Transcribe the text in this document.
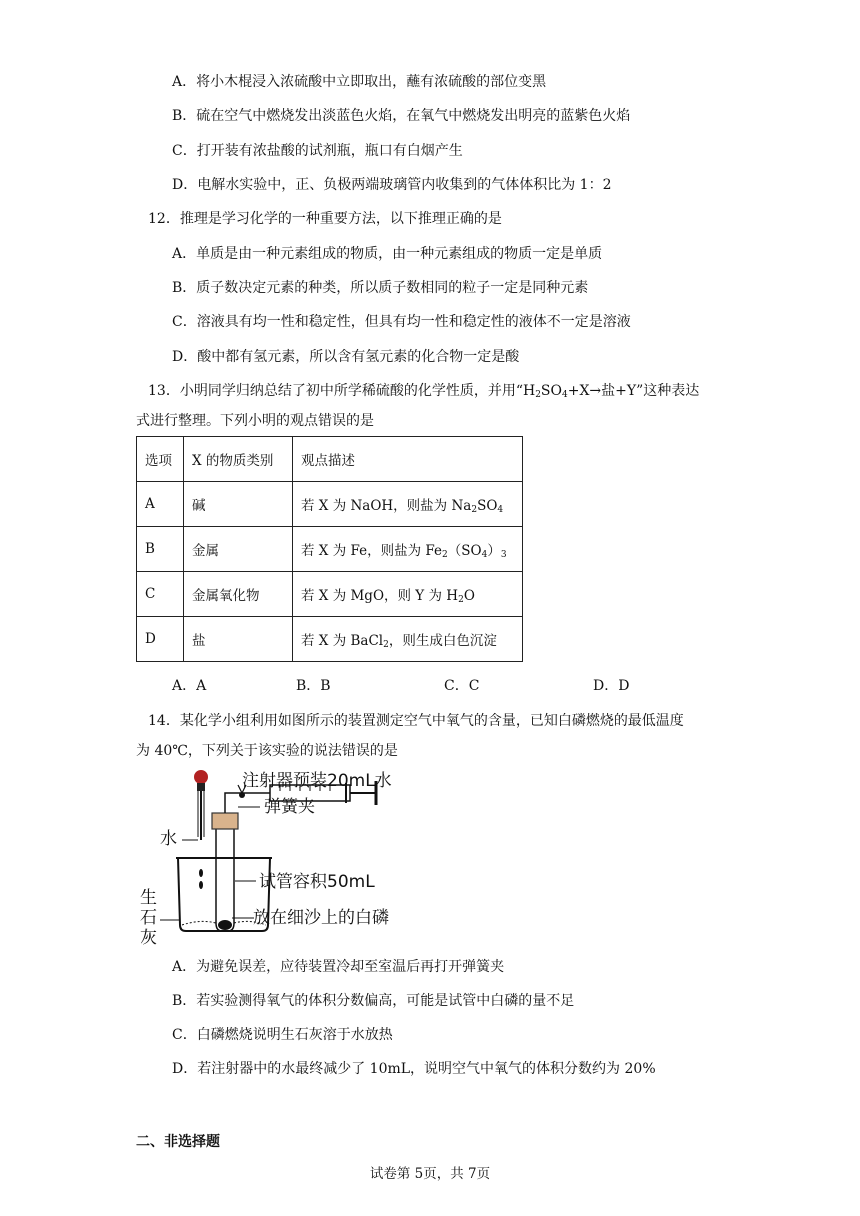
A．将小木棍浸入浓硫酸中立即取出，蘸有浓硫酸的部位变黑
B．硫在空气中燃烧发出淡蓝色火焰，在氧气中燃烧发出明亮的蓝紫色火焰
C．打开装有浓盐酸的试剂瓶，瓶口有白烟产生
D．电解水实验中，正、负极两端玻璃管内收集到的气体体积比为 1：2
12．推理是学习化学的一种重要方法，以下推理正确的是
A．单质是由一种元素组成的物质，由一种元素组成的物质一定是单质
B．质子数决定元素的种类，所以质子数相同的粒子一定是同种元素
C．溶液具有均一性和稳定性，但具有均一性和稳定性的液体不一定是溶液
D．酸中都有氢元素，所以含有氢元素的化合物一定是酸
13．小明同学归纳总结了初中所学稀硫酸的化学性质，并用“$H_2SO_4+X\to$盐+Y”这种表达
式进行整理。下列小明的观点错误的是
选项	X 的物质类别	观点描述
A	碱	若 X 为 NaOH，则盐为 $Na_2SO_4$
B	金属	若 X 为 Fe，则盐为 $Fe_2(SO_4)_3$
C	金属氧化物	若 X 为 MgO，则 Y 为 $H_2O$
D	盐	若 X 为 BaCl$_2$，则生成白色沉淀
A．A	B．B	C．C	D．D
14．某化学小组利用如图所示的装置测定空气中氧气的含量，已知白磷燃烧的最低温度
为 40℃，下列关于该实验的说法错误的是
注射器预装20mL水
水
弹簧夹
试管容积50mL
放在细沙上的白磷
生
石
灰
A．为避免误差，应待装置冷却至室温后再打开弹簧夹
B．若实验测得氧气的体积分数偏高，可能是试管中白磷的量不足
C．白磷燃烧说明生石灰溶于水放热
D．若注射器中的水最终减少了 10mL，说明空气中氧气的体积分数约为 20%
二、非选择题
试卷第 5页，共 7页
